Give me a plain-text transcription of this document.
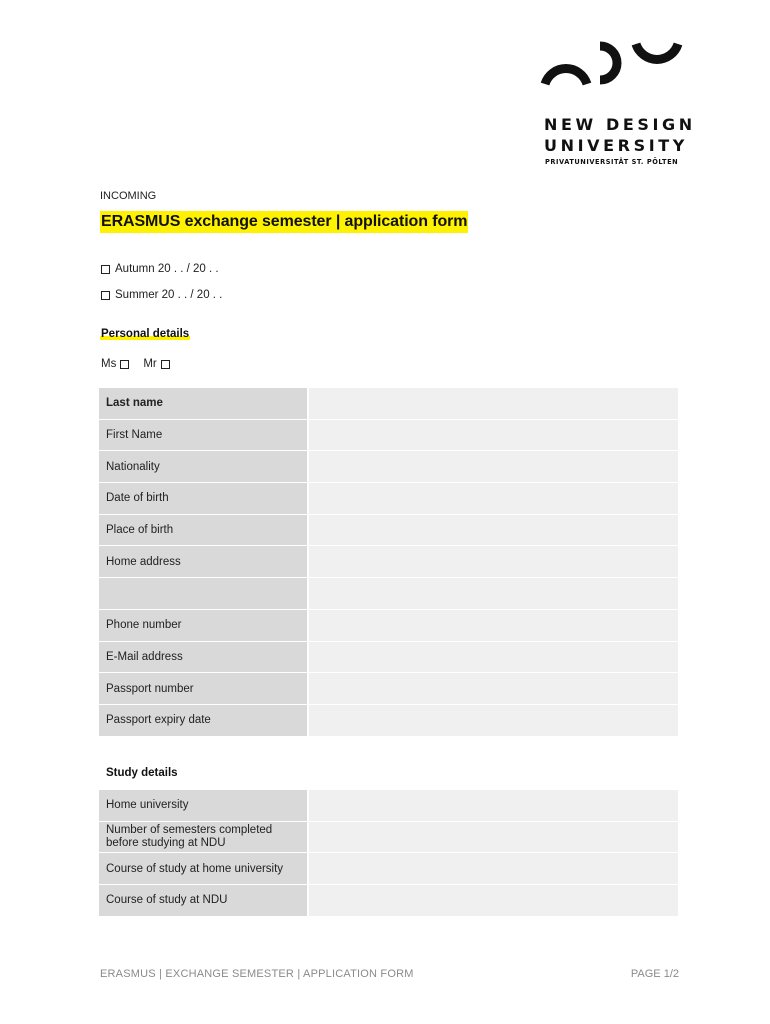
NEW DESIGN
UNIVERSITY
PRIVATUNIVERSITÄT ST. PÖLTEN
INCOMING
ERASMUS exchange semester | application form
Autumn 20 . . / 20 . .
Summer 20 . . / 20 . .
Personal details
Ms Mr
Last name	
First Name	
Nationality	
Date of birth	
Place of birth	
Home address	

Phone number	
E-Mail address	
Passport number	
Passport expiry date	
Study details
Home university	
Number of semesters completed before studying at NDU	
Course of study at home university	
Course of study at NDU	
ERASMUS | EXCHANGE SEMESTER | APPLICATION FORM	PAGE 1/2
